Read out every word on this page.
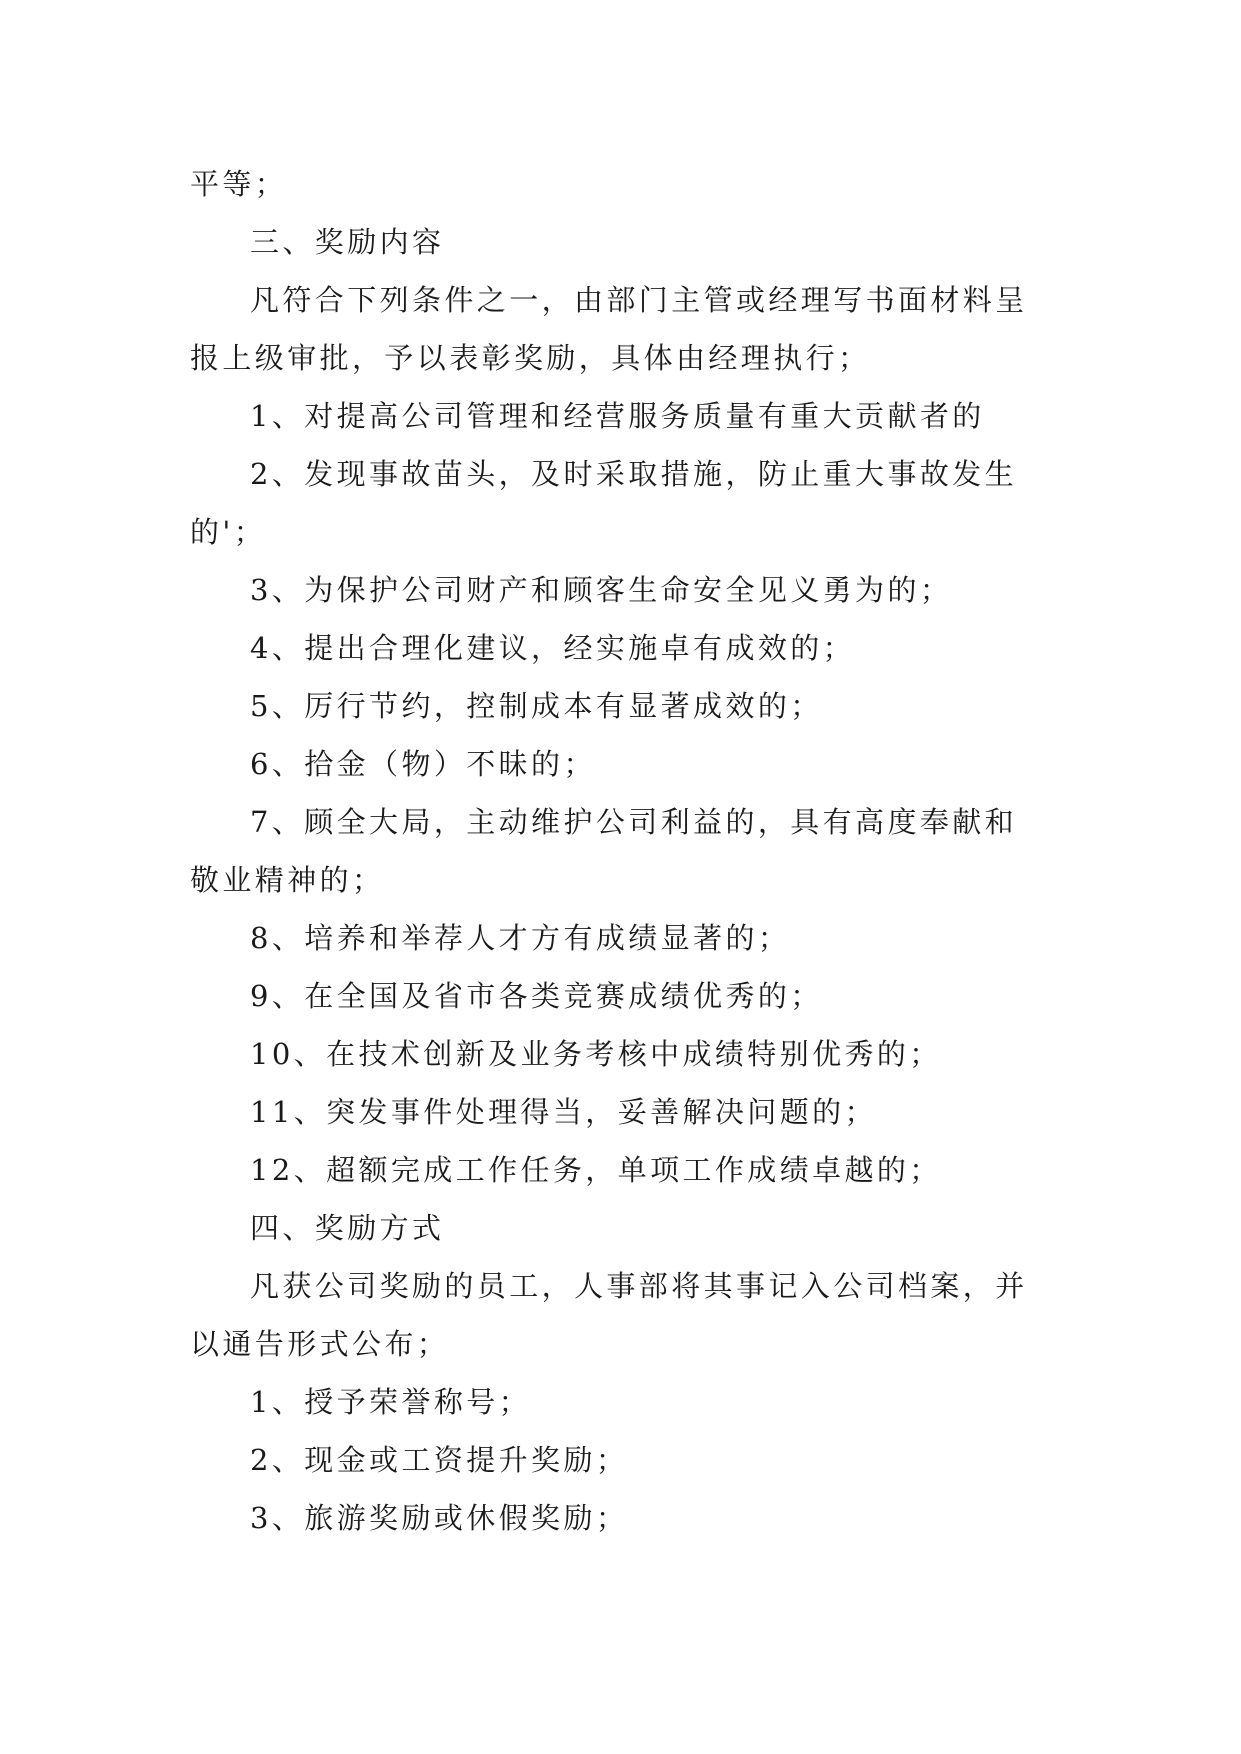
平等；
三、奖励内容
凡符合下列条件之一，由部门主管或经理写书面材料呈
报上级审批，予以表彰奖励，具体由经理执行；
1、对提高公司管理和经营服务质量有重大贡献者的
2、发现事故苗头，及时采取措施，防止重大事故发生
的'；
3、为保护公司财产和顾客生命安全见义勇为的；
4、提出合理化建议，经实施卓有成效的；
5、厉行节约，控制成本有显著成效的；
6、拾金（物）不昧的；
7、顾全大局，主动维护公司利益的，具有高度奉献和
敬业精神的；
8、培养和举荐人才方有成绩显著的；
9、在全国及省市各类竞赛成绩优秀的；
10、在技术创新及业务考核中成绩特别优秀的；
11、突发事件处理得当，妥善解决问题的；
12、超额完成工作任务，单项工作成绩卓越的；
四、奖励方式
凡获公司奖励的员工，人事部将其事记入公司档案，并
以通告形式公布；
1、授予荣誉称号；
2、现金或工资提升奖励；
3、旅游奖励或休假奖励；
